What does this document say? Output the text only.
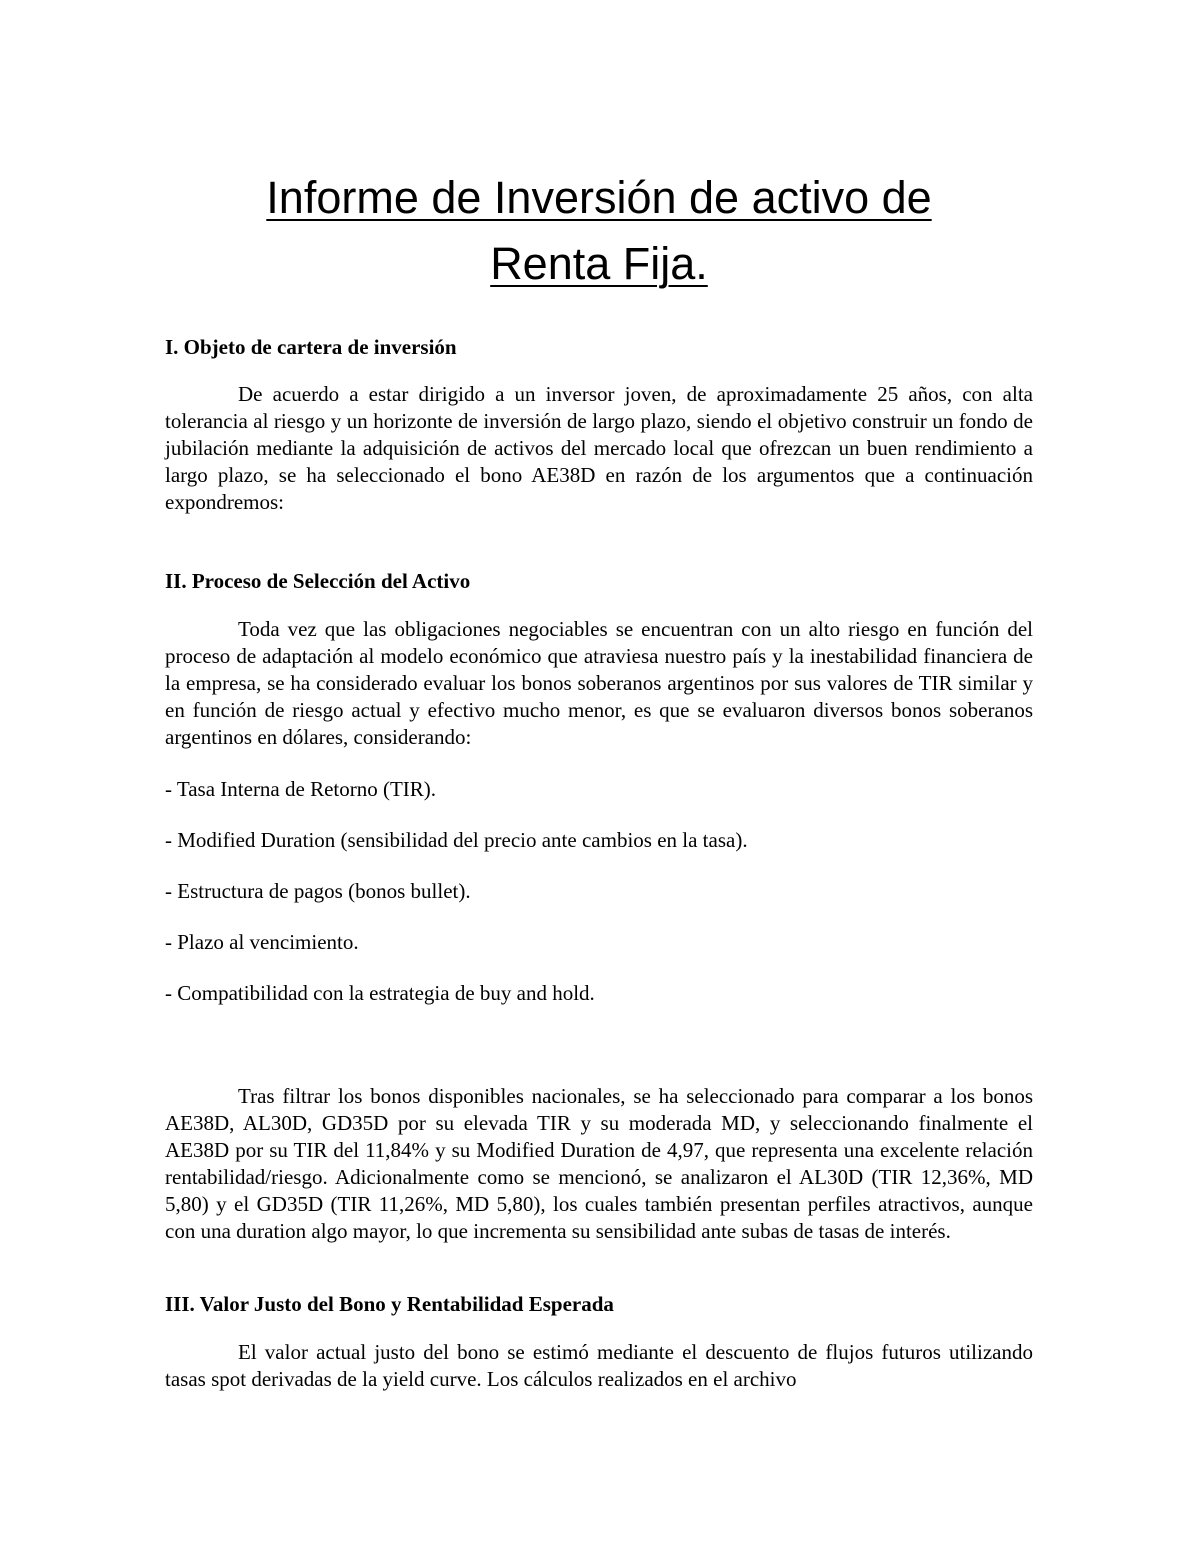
Informe de Inversión de activo de
Renta Fija.

I. Objeto de cartera de inversión

De acuerdo a estar dirigido a un inversor joven, de aproximadamente 25 años, con alta tolerancia al riesgo y un horizonte de inversión de largo plazo, siendo el objetivo construir un fondo de jubilación mediante la adquisición de activos del mercado local que ofrezcan un buen rendimiento a largo plazo, se ha seleccionado el bono AE38D en razón de los argumentos que a continuación expondremos:

II. Proceso de Selección del Activo

Toda vez que las obligaciones negociables se encuentran con un alto riesgo en función del proceso de adaptación al modelo económico que atraviesa nuestro país y la inestabilidad financiera de la empresa, se ha considerado evaluar los bonos soberanos argentinos por sus valores de TIR similar y en función de riesgo actual y efectivo mucho menor, es que se evaluaron diversos bonos soberanos argentinos en dólares, considerando:

- Tasa Interna de Retorno (TIR).

- Modified Duration (sensibilidad del precio ante cambios en la tasa).

- Estructura de pagos (bonos bullet).

- Plazo al vencimiento.

- Compatibilidad con la estrategia de buy and hold.

Tras filtrar los bonos disponibles nacionales, se ha seleccionado para comparar a los bonos AE38D, AL30D, GD35D por su elevada TIR y su moderada MD, y seleccionando finalmente el AE38D por su TIR del 11,84% y su Modified Duration de 4,97, que representa una excelente relación rentabilidad/riesgo. Adicionalmente como se mencionó, se analizaron el AL30D (TIR 12,36%, MD 5,80) y el GD35D (TIR 11,26%, MD 5,80), los cuales también presentan perfiles atractivos, aunque con una duration algo mayor, lo que incrementa su sensibilidad ante subas de tasas de interés.

III. Valor Justo del Bono y Rentabilidad Esperada

El valor actual justo del bono se estimó mediante el descuento de flujos futuros utilizando tasas spot derivadas de la yield curve. Los cálculos realizados en el archivo
